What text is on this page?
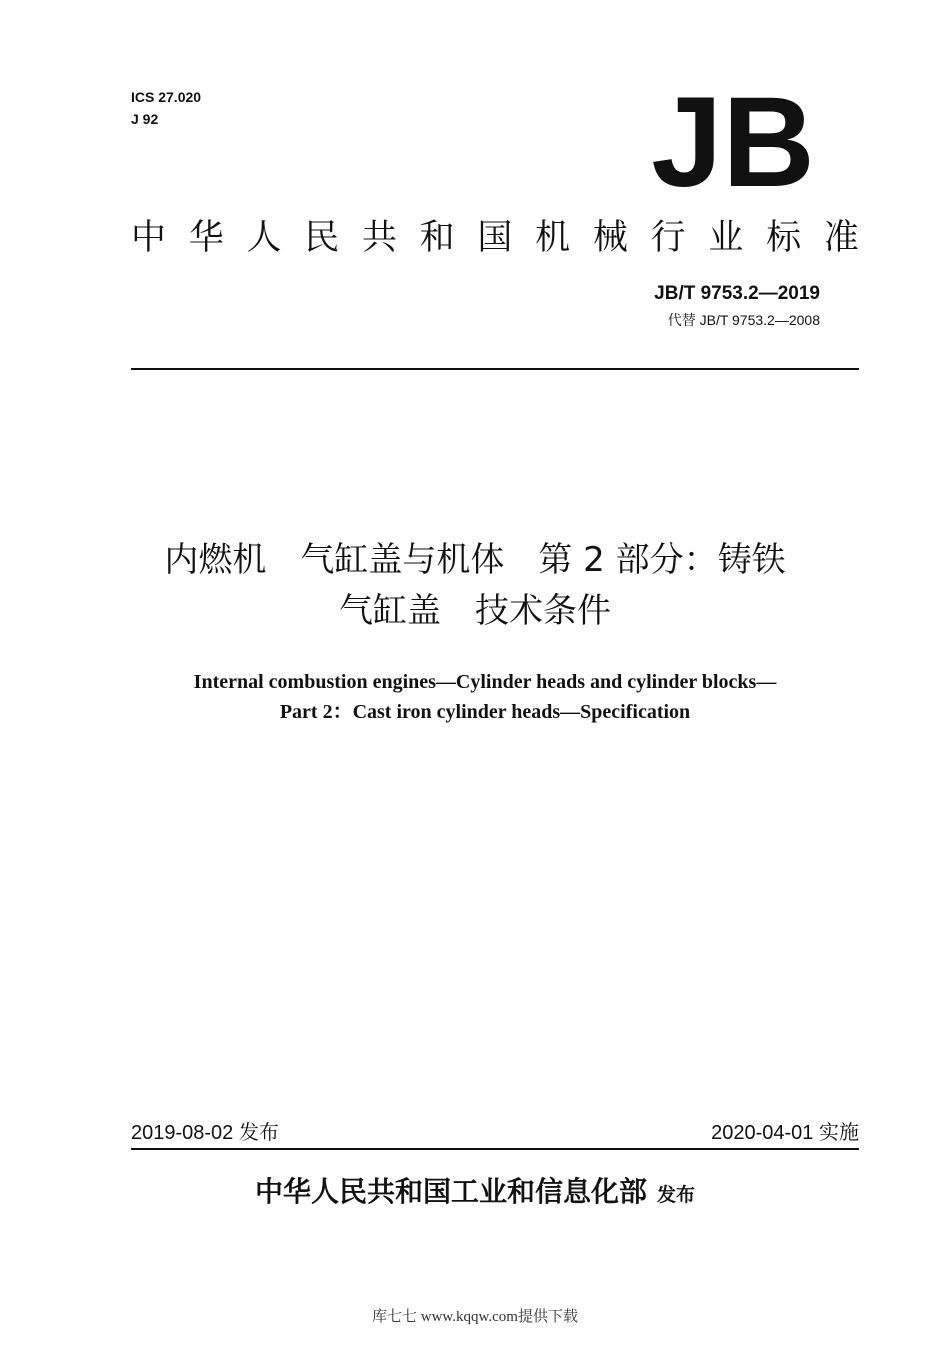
ICS 27.020
J 92	JB
中 华 人 民 共 和 国 机 械 行 业 标 准
JB/T 9753.2—2019
代替 JB/T 9753.2—2008
内燃机　气缸盖与机体　第 2 部分：铸铁
气缸盖　技术条件
Internal combustion engines—Cylinder heads and cylinder blocks—
Part 2：Cast iron cylinder heads—Specification
2019-08-02 发布	2020-04-01 实施
中华人民共和国工业和信息化部 发布
库七七 www.kqqw.com提供下载
